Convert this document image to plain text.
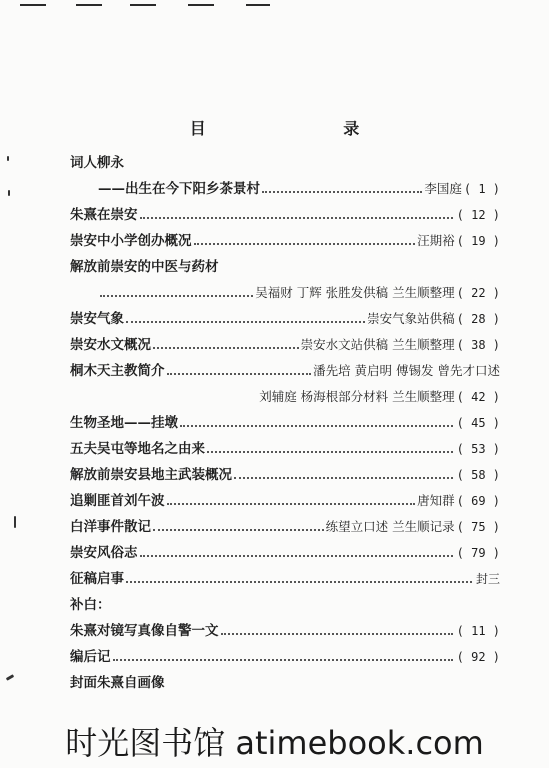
目 录
词人柳永
——出生在今下阳乡茶景村	李国庭 ( 1 )
朱熹在崇安	( 12 )
崇安中小学创办概况	汪期裕 ( 19 )
解放前崇安的中医与药材
吴福财 丁辉 张胜发供稿 兰生顺整理 ( 22 )
崇安气象	崇安气象站供稿 ( 28 )
崇安水文概况	崇安水文站供稿 兰生顺整理 ( 38 )
桐木天主教简介	潘先培 黄启明 傅锡发 曾先才口述
刘辅庭 杨海根部分材料 兰生顺整理 ( 42 )
生物圣地——挂墩	( 45 )
五夫吴屯等地名之由来	( 53 )
解放前崇安县地主武装概况	( 58 )
追剿匪首刘午波	唐知群 ( 69 )
白洋事件散记	练望立口述 兰生顺记录 ( 75 )
崇安风俗志	( 79 )
征稿启事	封三
补白：
朱熹对镜写真像自警一文	( 11 )
编后记	( 92 )
封面朱熹自画像
时光图书馆 atimebook.com
